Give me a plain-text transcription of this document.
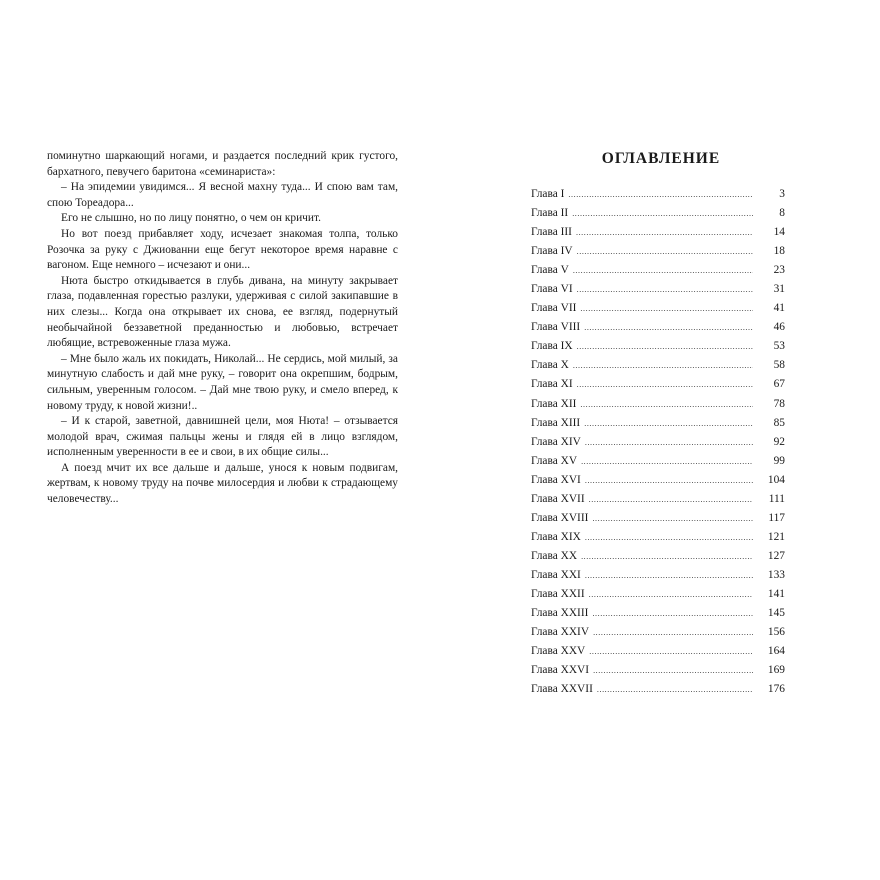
поминутно шаркающий ногами, и раздается последний крик густого, бархатного, певучего баритона «семинариста»:

– На эпидемии увидимся... Я весной махну туда... И спою вам там, спою Тореадора...

Его не слышно, но по лицу понятно, о чем он кричит.

Но вот поезд прибавляет ходу, исчезает знакомая толпа, только Розочка за руку с Джиованни еще бегут некоторое время наравне с вагоном. Еще немного – исчезают и они...

Нюта быстро откидывается в глубь дивана, на минуту закрывает глаза, подавленная горестью разлуки, удерживая с силой закипавшие в них слезы... Когда она открывает их снова, ее взгляд, подернутый необычайной беззаветной преданностью и любовью, встречает любящие, встревоженные глаза мужа.

– Мне было жаль их покидать, Николай... Не сердись, мой милый, за минутную слабость и дай мне руку, – говорит она окрепшим, бодрым, сильным, уверенным голосом. – Дай мне твою руку, и смело вперед, к новому труду, к новой жизни!..

– И к старой, заветной, давнишней цели, моя Нюта! – отзывается молодой врач, сжимая пальцы жены и глядя ей в лицо взглядом, исполненным уверенности в ее и свои, в их общие силы...

А поезд мчит их все дальше и дальше, унося к новым подвигам, жертвам, к новому труду на почве милосердия и любви к страдающему человечеству...

ОГЛАВЛЕНИЕ
Глава I .....	3
Глава II .....	8
Глава III .....	14
Глава IV .....	18
Глава V .....	23
Глава VI .....	31
Глава VII .....	41
Глава VIII .....	46
Глава IX .....	53
Глава X .....	58
Глава XI .....	67
Глава XII .....	78
Глава XIII .....	85
Глава XIV .....	92
Глава XV .....	99
Глава XVI .....	104
Глава XVII .....	111
Глава XVIII .....	117
Глава XIX .....	121
Глава XX .....	127
Глава XXI .....	133
Глава XXII .....	141
Глава XXIII .....	145
Глава XXIV .....	156
Глава XXV .....	164
Глава XXVI .....	169
Глава XXVII .....	176
